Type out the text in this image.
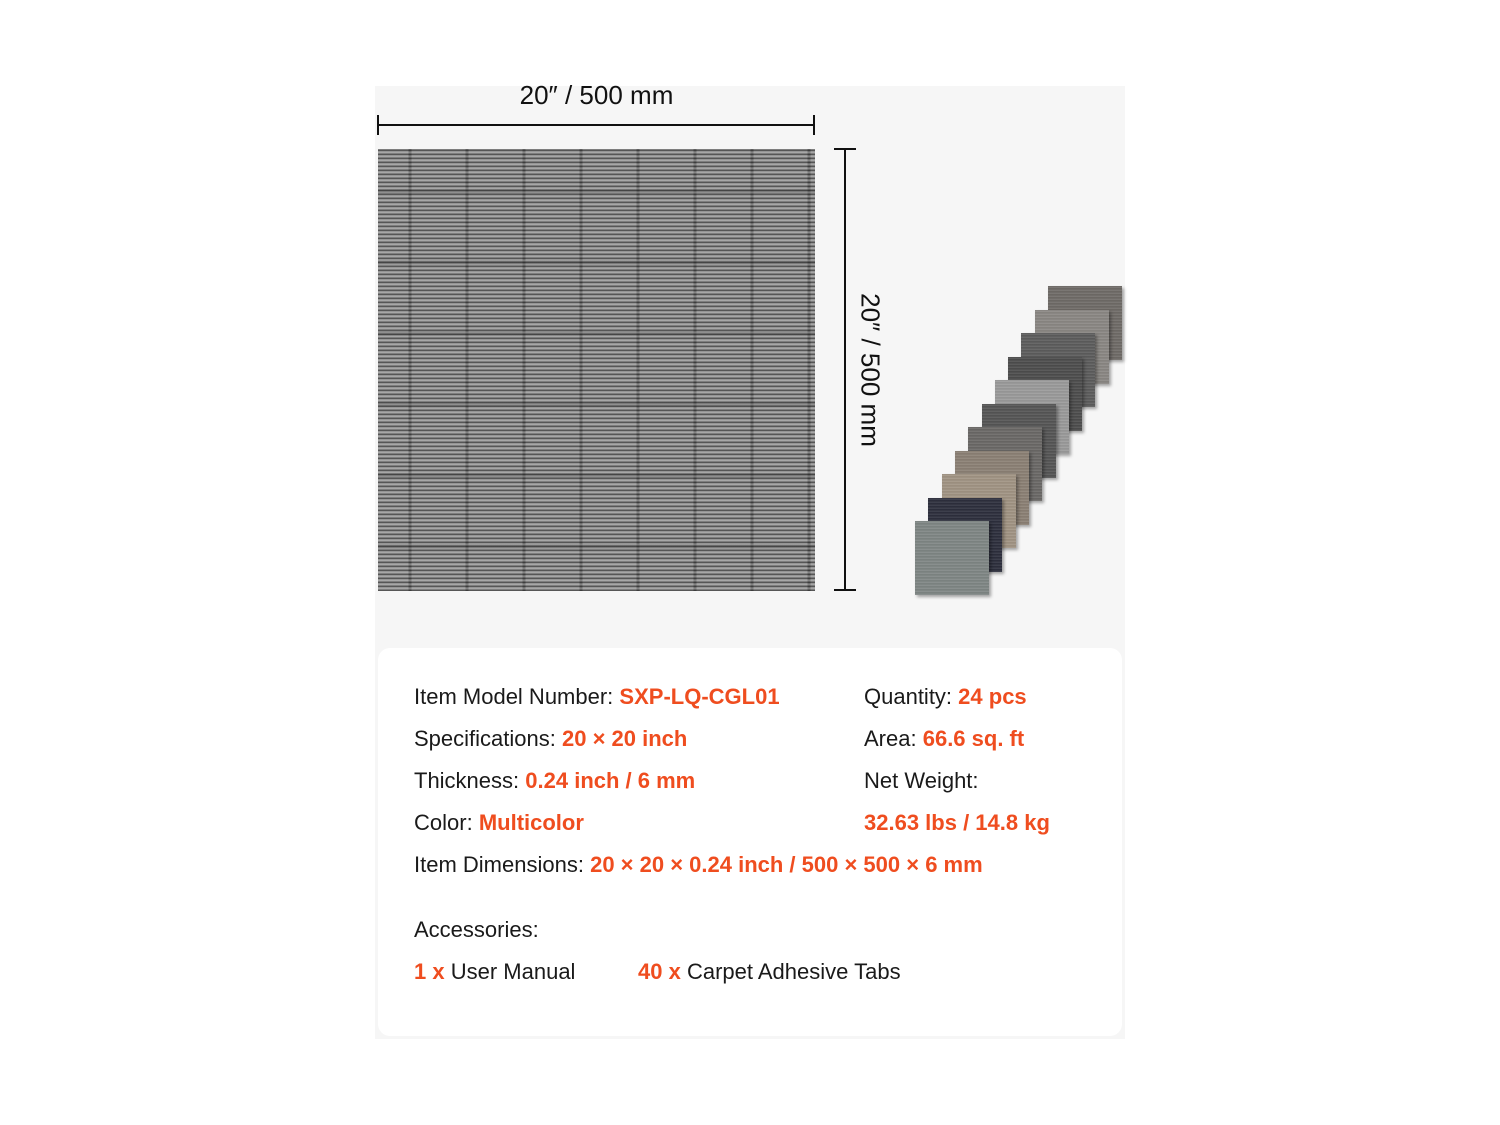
20″ / 500 mm
20″ / 500 mm
Item Model Number: SXP-LQ-CGL01
Specifications: 20 × 20 inch
Thickness: 0.24 inch / 6 mm
Color: Multicolor
Item Dimensions: 20 × 20 × 0.24 inch / 500 × 500 × 6 mm
Quantity: 24 pcs
Area: 66.6 sq. ft
Net Weight:
32.63 lbs / 14.8 kg
Accessories:
1 x User Manual	40 x Carpet Adhesive Tabs
